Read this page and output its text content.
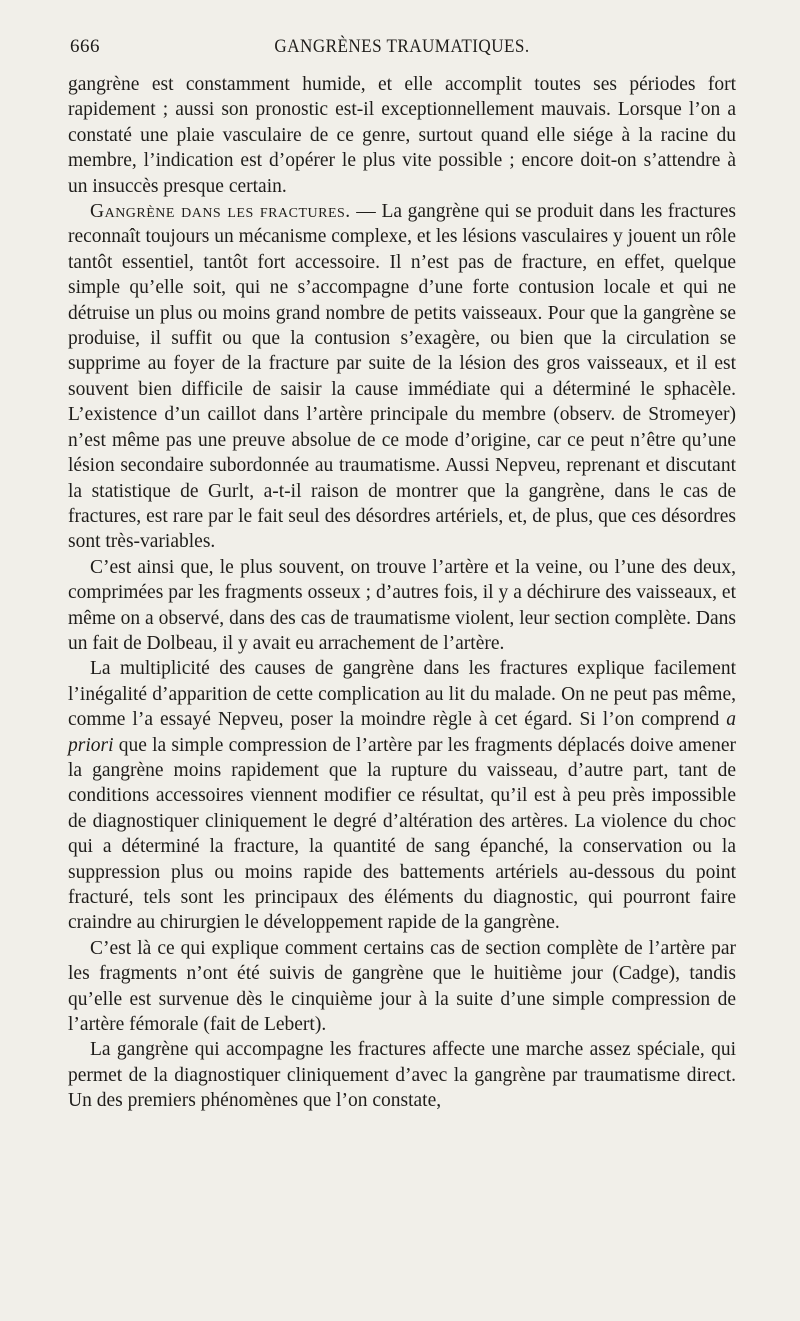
666	GANGRÈNES TRAUMATIQUES.

gangrène est constamment humide, et elle accomplit toutes ses périodes fort rapidement ; aussi son pronostic est-il exceptionnellement mauvais. Lorsque l’on a constaté une plaie vasculaire de ce genre, surtout quand elle siége à la racine du membre, l’indication est d’opérer le plus vite possible ; encore doit-on s’attendre à un insuccès presque certain.

Gangrène dans les fractures. — La gangrène qui se produit dans les fractures reconnaît toujours un mécanisme complexe, et les lésions vasculaires y jouent un rôle tantôt essentiel, tantôt fort accessoire. Il n’est pas de fracture, en effet, quelque simple qu’elle soit, qui ne s’accompagne d’une forte contusion locale et qui ne détruise un plus ou moins grand nombre de petits vaisseaux. Pour que la gangrène se produise, il suffit ou que la contusion s’exagère, ou bien que la circulation se supprime au foyer de la fracture par suite de la lésion des gros vaisseaux, et il est souvent bien difficile de saisir la cause immédiate qui a déterminé le sphacèle. L’existence d’un caillot dans l’artère principale du membre (observ. de Stromeyer) n’est même pas une preuve absolue de ce mode d’origine, car ce peut n’être qu’une lésion secondaire subordonnée au traumatisme. Aussi Nepveu, reprenant et discutant la statistique de Gurlt, a-t-il raison de montrer que la gangrène, dans le cas de fractures, est rare par le fait seul des désordres artériels, et, de plus, que ces désordres sont très-variables.

C’est ainsi que, le plus souvent, on trouve l’artère et la veine, ou l’une des deux, comprimées par les fragments osseux ; d’autres fois, il y a déchirure des vaisseaux, et même on a observé, dans des cas de traumatisme violent, leur section complète. Dans un fait de Dolbeau, il y avait eu arrachement de l’artère.

La multiplicité des causes de gangrène dans les fractures explique facilement l’inégalité d’apparition de cette complication au lit du malade. On ne peut pas même, comme l’a essayé Nepveu, poser la moindre règle à cet égard. Si l’on comprend a priori que la simple compression de l’artère par les fragments déplacés doive amener la gangrène moins rapidement que la rupture du vaisseau, d’autre part, tant de conditions accessoires viennent modifier ce résultat, qu’il est à peu près impossible de diagnostiquer cliniquement le degré d’altération des artères. La violence du choc qui a déterminé la fracture, la quantité de sang épanché, la conservation ou la suppression plus ou moins rapide des battements artériels au-dessous du point fracturé, tels sont les principaux des éléments du diagnostic, qui pourront faire craindre au chirurgien le développement rapide de la gangrène.

C’est là ce qui explique comment certains cas de section complète de l’artère par les fragments n’ont été suivis de gangrène que le huitième jour (Cadge), tandis qu’elle est survenue dès le cinquième jour à la suite d’une simple compression de l’artère fémorale (fait de Lebert).

La gangrène qui accompagne les fractures affecte une marche assez spéciale, qui permet de la diagnostiquer cliniquement d’avec la gangrène par traumatisme direct. Un des premiers phénomènes que l’on constate,
